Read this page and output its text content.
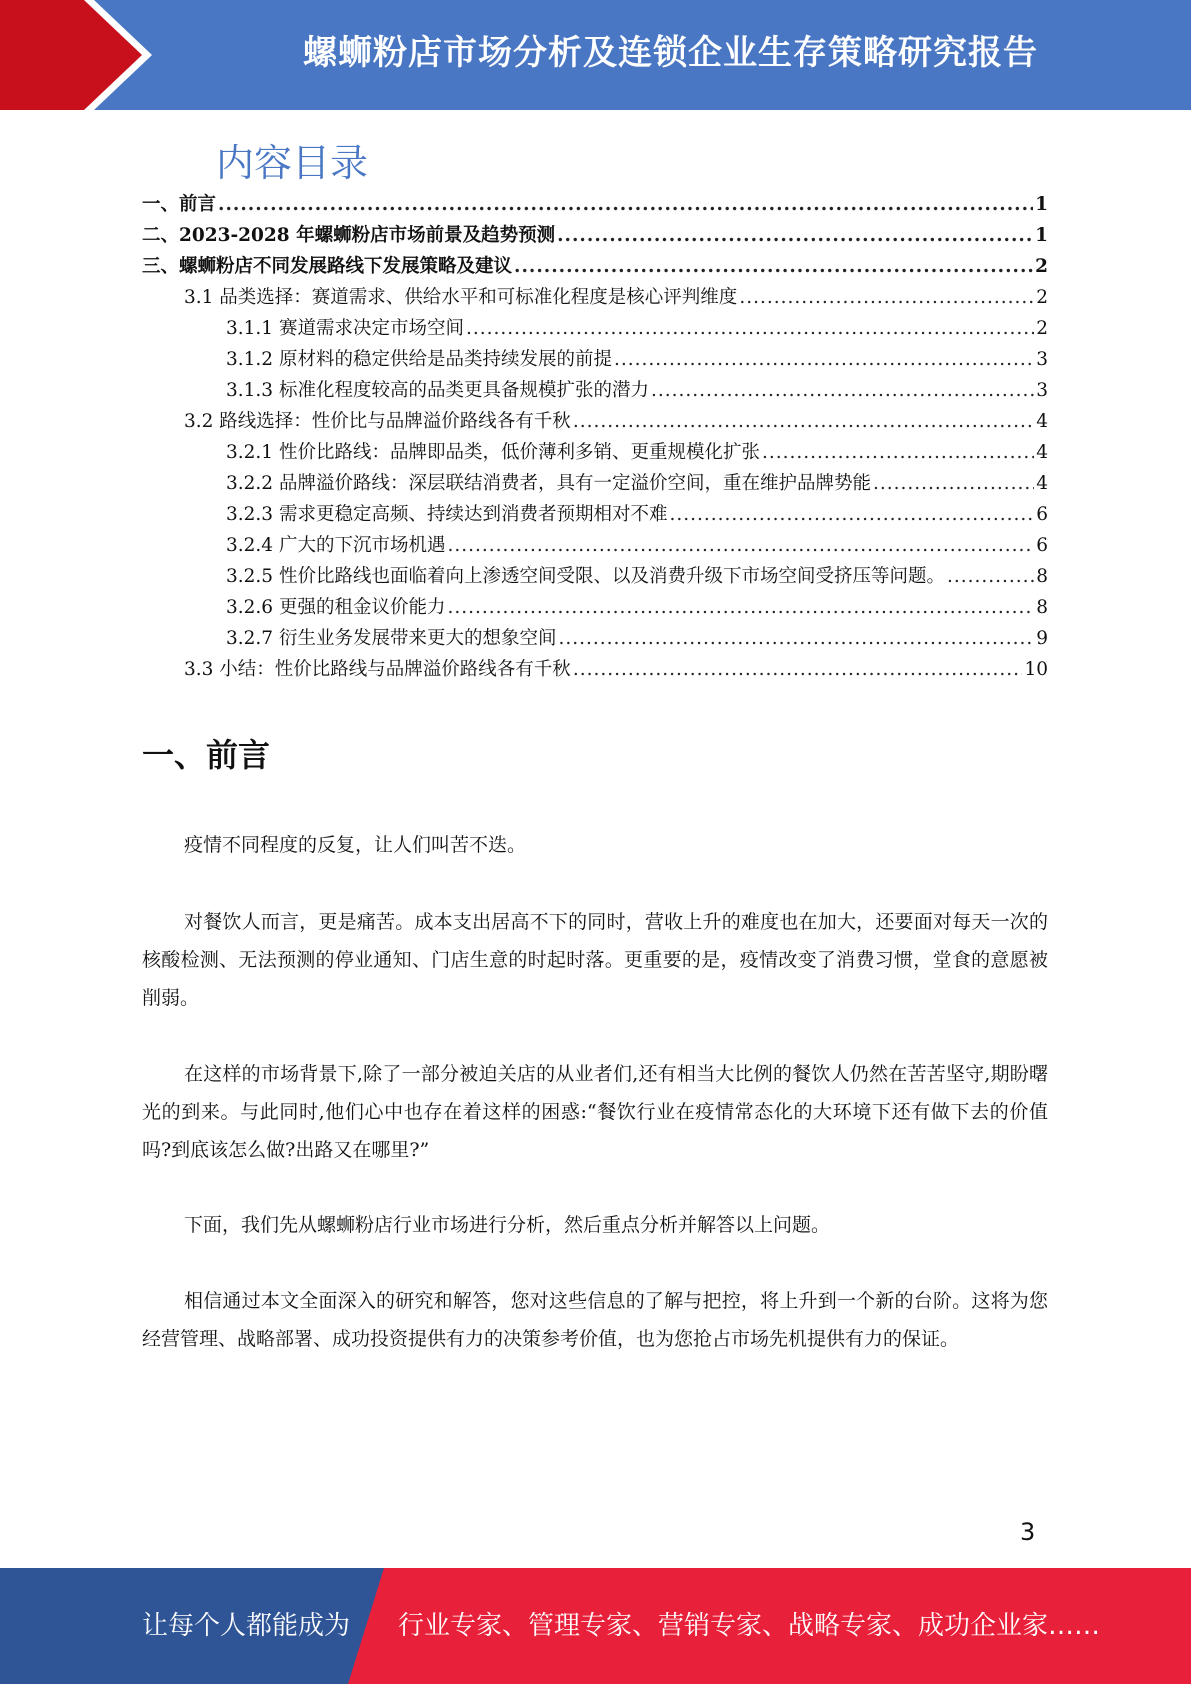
螺蛳粉店市场分析及连锁企业生存策略研究报告
内容目录
一、前言 .....	1
二、2023-2028 年螺蛳粉店市场前景及趋势预测 .....	1
三、螺蛳粉店不同发展路线下发展策略及建议 .....	2
3.1 品类选择：赛道需求、供给水平和可标准化程度是核心评判维度 .....	2
3.1.1 赛道需求决定市场空间 .....	2
3.1.2 原材料的稳定供给是品类持续发展的前提 .....	3
3.1.3 标准化程度较高的品类更具备规模扩张的潜力 .....	3
3.2 路线选择：性价比与品牌溢价路线各有千秋 .....	4
3.2.1 性价比路线：品牌即品类，低价薄利多销、更重规模化扩张 .....	4
3.2.2 品牌溢价路线：深层联结消费者，具有一定溢价空间，重在维护品牌势能 .....	4
3.2.3 需求更稳定高频、持续达到消费者预期相对不难 .....	6
3.2.4 广大的下沉市场机遇 .....	6
3.2.5 性价比路线也面临着向上渗透空间受限、以及消费升级下市场空间受挤压等问题。 .....	8
3.2.6 更强的租金议价能力 .....	8
3.2.7 衍生业务发展带来更大的想象空间 .....	9
3.3 小结：性价比路线与品牌溢价路线各有千秋 .....	10
一、前言

疫情不同程度的反复，让人们叫苦不迭。

对餐饮人而言，更是痛苦。成本支出居高不下的同时，营收上升的难度也在加大，还要面对每天一次的核酸检测、无法预测的停业通知、门店生意的时起时落。更重要的是，疫情改变了消费习惯，堂食的意愿被削弱。

在这样的市场背景下,除了一部分被迫关店的从业者们,还有相当大比例的餐饮人仍然在苦苦坚守,期盼曙光的到来。与此同时,他们心中也存在着这样的困惑:“餐饮行业在疫情常态化的大环境下还有做下去的价值吗?到底该怎么做?出路又在哪里?”

下面，我们先从螺蛳粉店行业市场进行分析，然后重点分析并解答以上问题。

相信通过本文全面深入的研究和解答，您对这些信息的了解与把控，将上升到一个新的台阶。这将为您经营管理、战略部署、成功投资提供有力的决策参考价值，也为您抢占市场先机提供有力的保证。

3
让每个人都能成为 行业专家、管理专家、营销专家、战略专家、成功企业家……
